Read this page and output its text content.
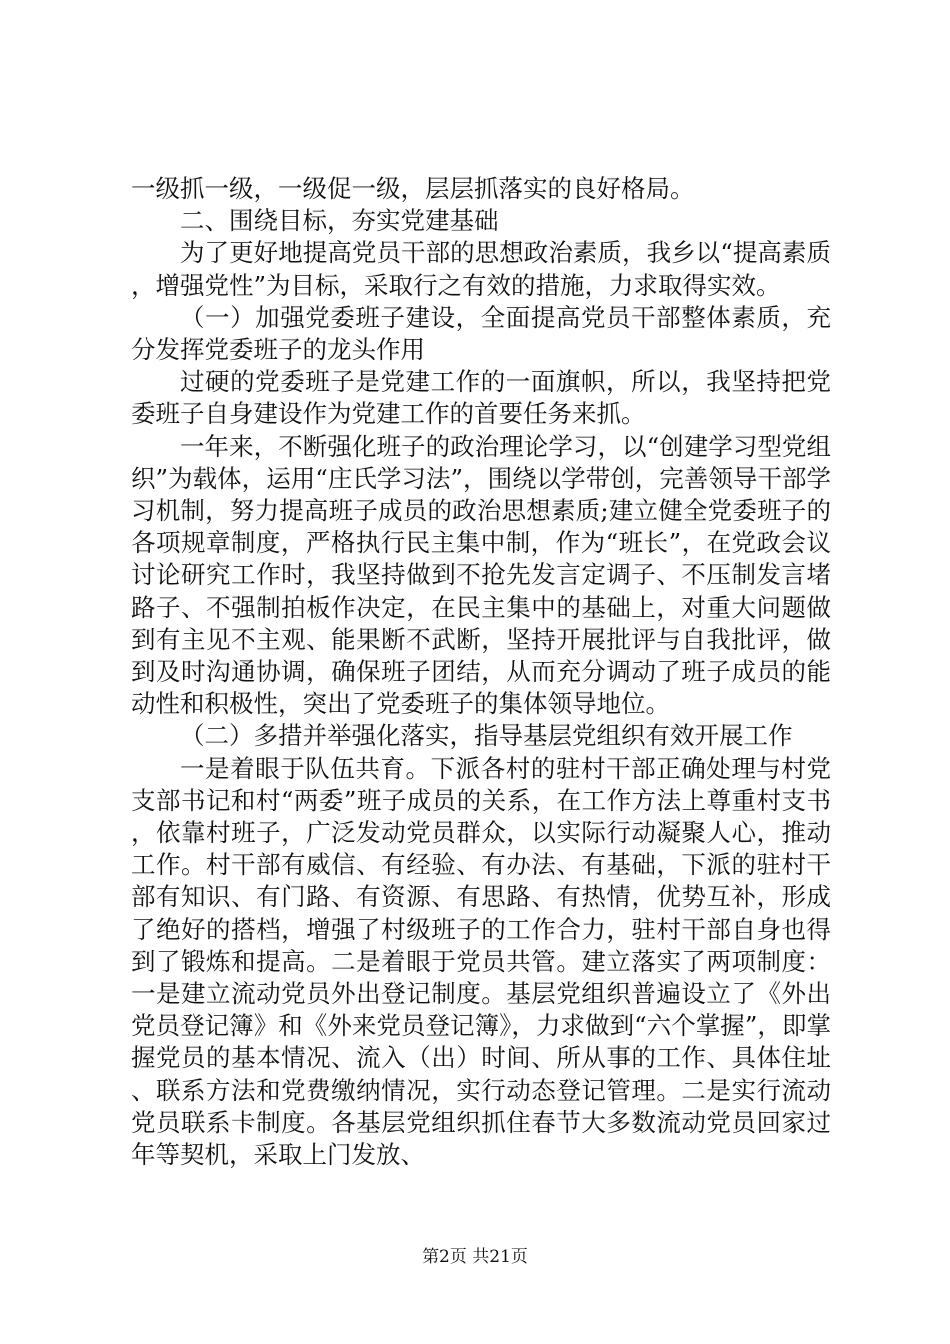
一级抓一级，一级促一级，层层抓落实的良好格局。

二、围绕目标，夯实党建基础

为了更好地提高党员干部的思想政治素质，我乡以“提高素质，增强党性”为目标，采取行之有效的措施，力求取得实效。

（一）加强党委班子建设，全面提高党员干部整体素质，充分发挥党委班子的龙头作用

过硬的党委班子是党建工作的一面旗帜，所以，我坚持把党委班子自身建设作为党建工作的首要任务来抓。

一年来，不断强化班子的政治理论学习，以“创建学习型党组织”为载体，运用“庄氏学习法”，围绕以学带创，完善领导干部学习机制，努力提高班子成员的政治思想素质;建立健全党委班子的各项规章制度，严格执行民主集中制，作为“班长”，在党政会议讨论研究工作时，我坚持做到不抢先发言定调子、不压制发言堵路子、不强制拍板作决定，在民主集中的基础上，对重大问题做到有主见不主观、能果断不武断，坚持开展批评与自我批评，做到及时沟通协调，确保班子团结，从而充分调动了班子成员的能动性和积极性，突出了党委班子的集体领导地位。

（二）多措并举强化落实，指导基层党组织有效开展工作

一是着眼于队伍共育。下派各村的驻村干部正确处理与村党支部书记和村“两委”班子成员的关系，在工作方法上尊重村支书，依靠村班子，广泛发动党员群众，以实际行动凝聚人心，推动工作。村干部有威信、有经验、有办法、有基础，下派的驻村干部有知识、有门路、有资源、有思路、有热情，优势互补，形成了绝好的搭档，增强了村级班子的工作合力，驻村干部自身也得到了锻炼和提高。二是着眼于党员共管。建立落实了两项制度：一是建立流动党员外出登记制度。基层党组织普遍设立了《外出党员登记簿》和《外来党员登记簿》，力求做到“六个掌握”，即掌握党员的基本情况、流入（出）时间、所从事的工作、具体住址、联系方法和党费缴纳情况，实行动态登记管理。二是实行流动党员联系卡制度。各基层党组织抓住春节大多数流动党员回家过年等契机，采取上门发放、

第2页 共21页
